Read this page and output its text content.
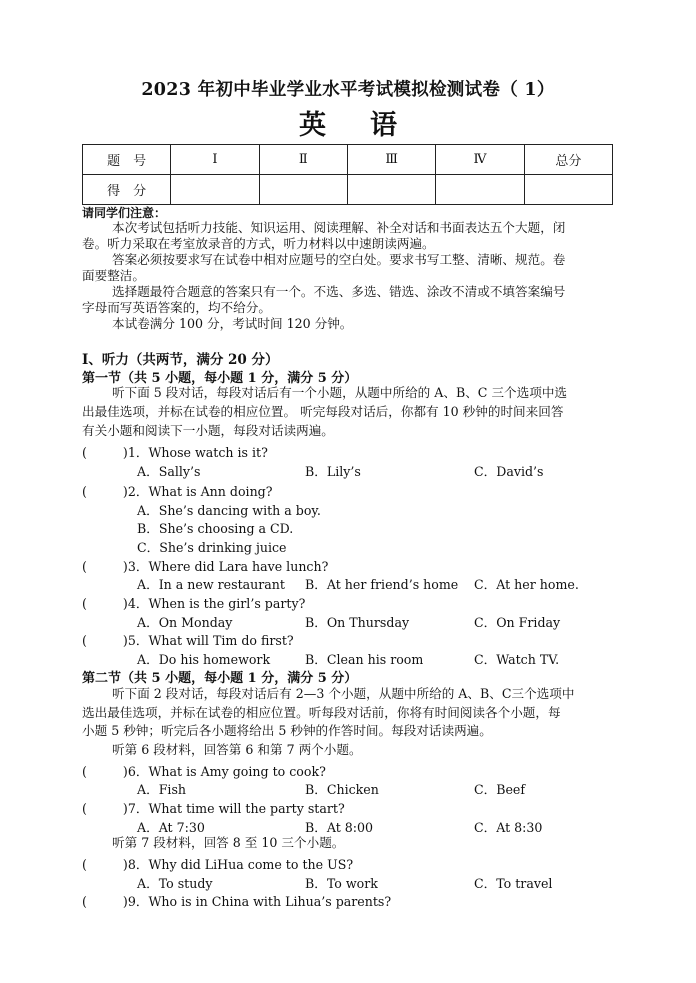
2023 年初中毕业学业水平考试模拟检测试卷（ 1）
英语
题　号	Ⅰ	Ⅱ	Ⅲ	Ⅳ	总分
得　分					
请同学们注意：
本次考试包括听力技能、知识运用、阅读理解、补全对话和书面表达五个大题，闭
卷。听力采取在考室放录音的方式，听力材料以中速朗读两遍。
答案必须按要求写在试卷中相对应题号的空白处。要求书写工整、清晰、规范。卷
面要整洁。
选择题最符合题意的答案只有一个。不选、多选、错选、涂改不清或不填答案编号
字母而写英语答案的，均不给分。
本试卷满分 100 分，考试时间 120 分钟。
Ⅰ、听力（共两节，满分 20 分）
第一节（共 5 小题，每小题 1 分，满分 5 分）
听下面 5 段对话，每段对话后有一个小题，从题中所给的 A、B、C 三个选项中选
出最佳选项，并标在试卷的相应位置。 听完每段对话后，你都有 10 秒钟的时间来回答
有关小题和阅读下一小题，每段对话读两遍。
(	)1．Whose watch is it?
A．Sally’s	B．Lily’s	C．David’s
(	)2．What is Ann doing?
A．She’s dancing with a boy.
B．She’s choosing a CD.
C．She’s drinking juice
(	)3．Where did Lara have lunch?
A．In a new restaurant B．At her friend’s home C．At her home.
(	)4．When is the girl’s party?
A．On Monday	B．On Thursday	C．On Friday
(	)5．What will Tim do first?
A．Do his homework	B．Clean his room	C．Watch TV.
第二节（共 5 小题，每小题 1 分，满分 5 分）
听下面 2 段对话，每段对话后有 2—3 个小题，从题中所给的 A、B、C三个选项中
选出最佳选项，并标在试卷的相应位置。听每段对话前，你将有时间阅读各个小题，每
小题 5 秒钟；听完后各小题将给出 5 秒钟的作答时间。每段对话读两遍。
听第 6 段材料，回答第 6 和第 7 两个小题。
(	)6．What is Amy going to cook?
A．Fish	B．Chicken	C．Beef
(	)7．What time will the party start?
A．At 7:30	B．At 8:00	C．At 8:30
听第 7 段材料，回答 8 至 10 三个小题。
(	)8．Why did LiHua come to the US?
A．To study	B．To work	C．To travel
(	)9．Who is in China with Lihua’s parents?
